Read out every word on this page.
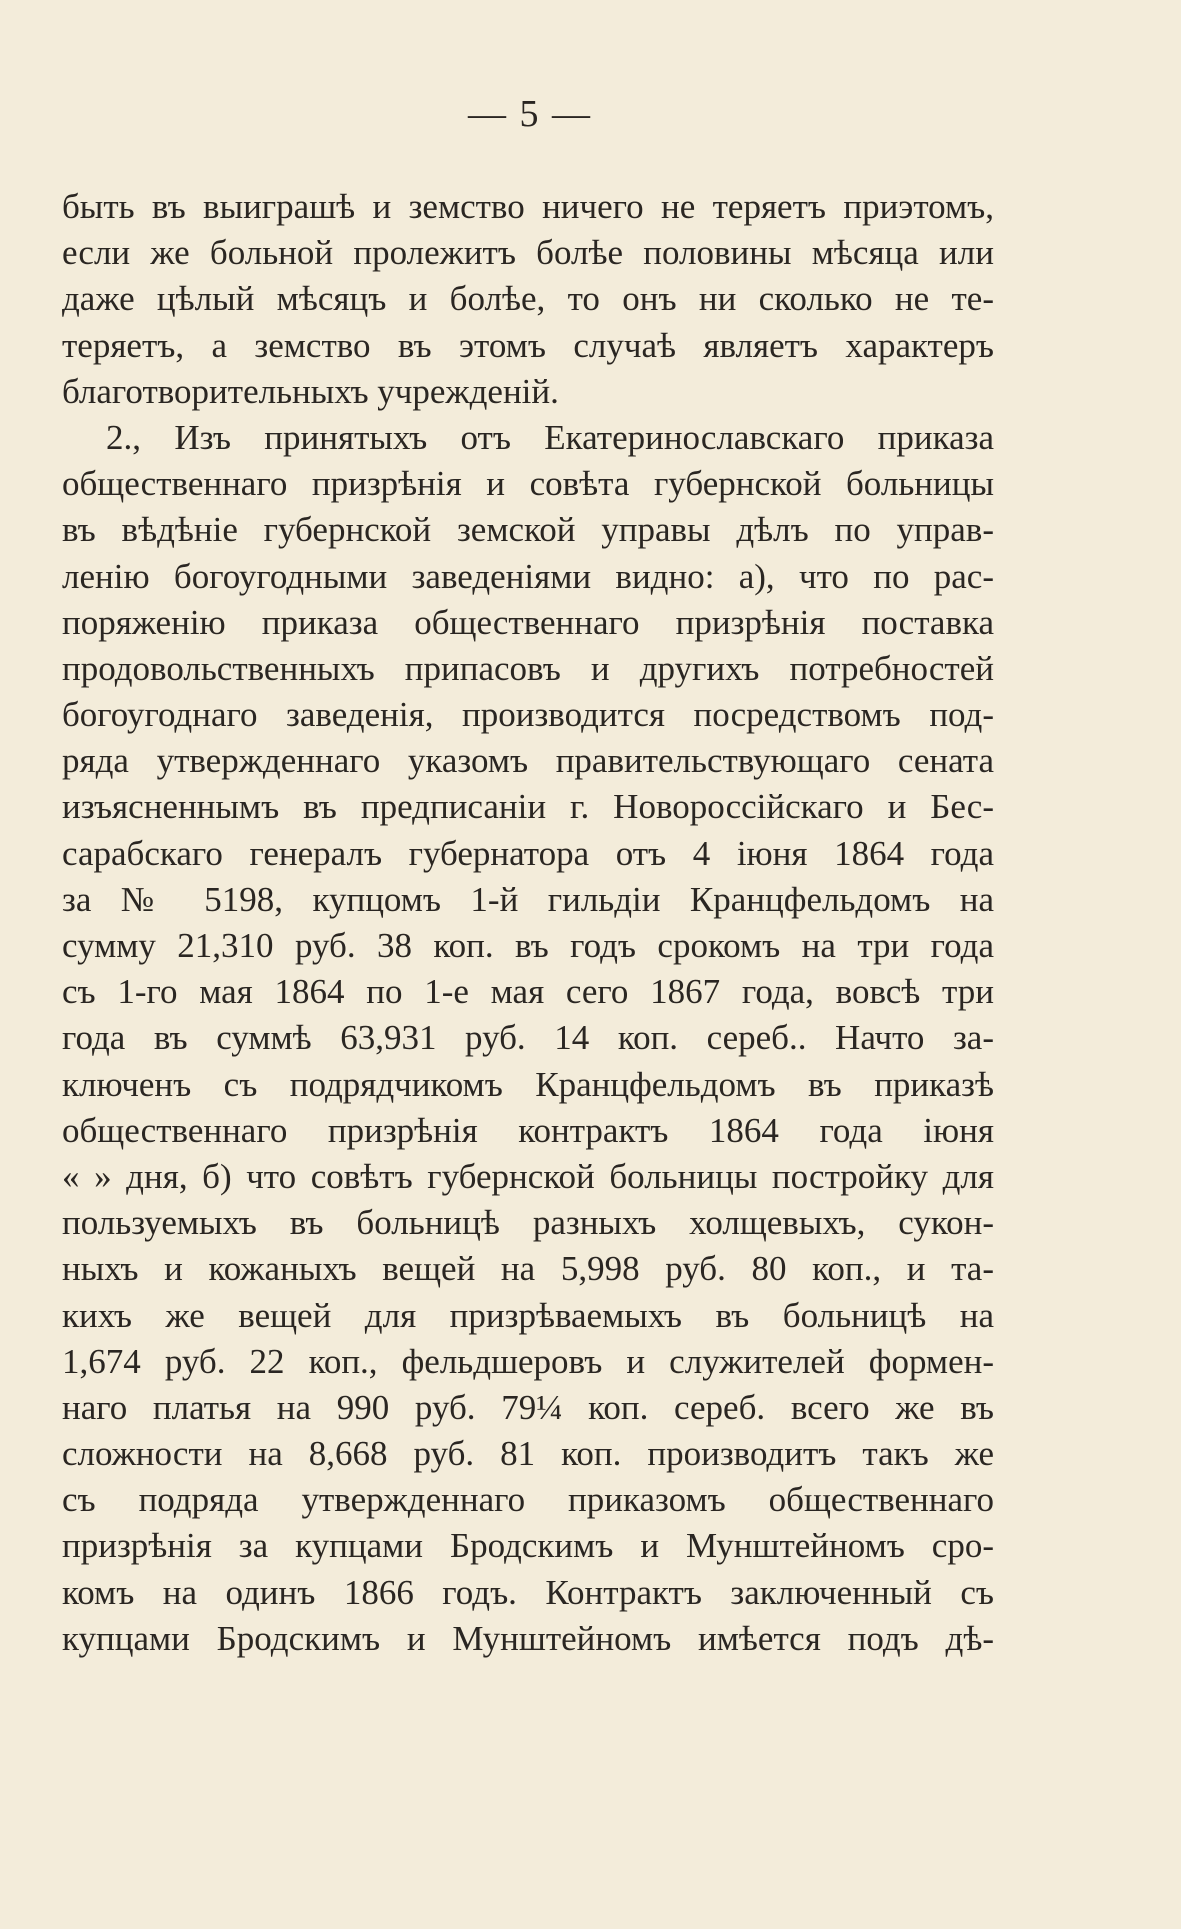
— 5 —
быть въ выиграшѣ и земство ничего не теряетъ приэтомъ,
если же больной пролежитъ болѣе половины мѣсяца или
даже цѣлый мѣсяцъ и болѣе, то онъ ни сколько не те-
теряетъ, а земство въ этомъ случаѣ являетъ характеръ
благотворительныхъ учрежденій.
2., Изъ принятыхъ отъ Екатеринославскаго приказа
общественнаго призрѣнія и совѣта губернской больницы
въ вѣдѣніе губернской земской управы дѣлъ по управ-
ленію богоугодными заведеніями видно: а), что по рас-
поряженію приказа общественнаго призрѣнія поставка
продовольственныхъ припасовъ и другихъ потребностей
богоугоднаго заведенія, производится посредствомъ под-
ряда утвержденнаго указомъ правительствующаго сената
изъясненнымъ въ предписаніи г. Новороссійскаго и Бес-
сарабскаго генералъ губернатора отъ 4 іюня 1864 года
за № 5198, купцомъ 1-й гильдіи Кранцфельдомъ на
сумму 21,310 руб. 38 коп. въ годъ срокомъ на три года
съ 1-го мая 1864 по 1-е мая сего 1867 года, вовсѣ три
года въ суммѣ 63,931 руб. 14 коп. сереб.. Начто за-
ключенъ съ подрядчикомъ Кранцфельдомъ въ приказѣ
общественнаго призрѣнія контрактъ 1864 года іюня
« » дня, б) что совѣтъ губернской больницы постройку для
пользуемыхъ въ больницѣ разныхъ холщевыхъ, сукон-
ныхъ и кожаныхъ вещей на 5,998 руб. 80 коп., и та-
кихъ же вещей для призрѣваемыхъ въ больницѣ на
1,674 руб. 22 коп., фельдшеровъ и служителей формен-
наго платья на 990 руб. 79¼ коп. сереб. всего же въ
сложности на 8,668 руб. 81 коп. производитъ такъ же
съ подряда утвержденнаго приказомъ общественнаго
призрѣнія за купцами Бродскимъ и Мунштейномъ сро-
комъ на одинъ 1866 годъ. Контрактъ заключенный съ
купцами Бродскимъ и Мунштейномъ имѣется подъ дѣ-
